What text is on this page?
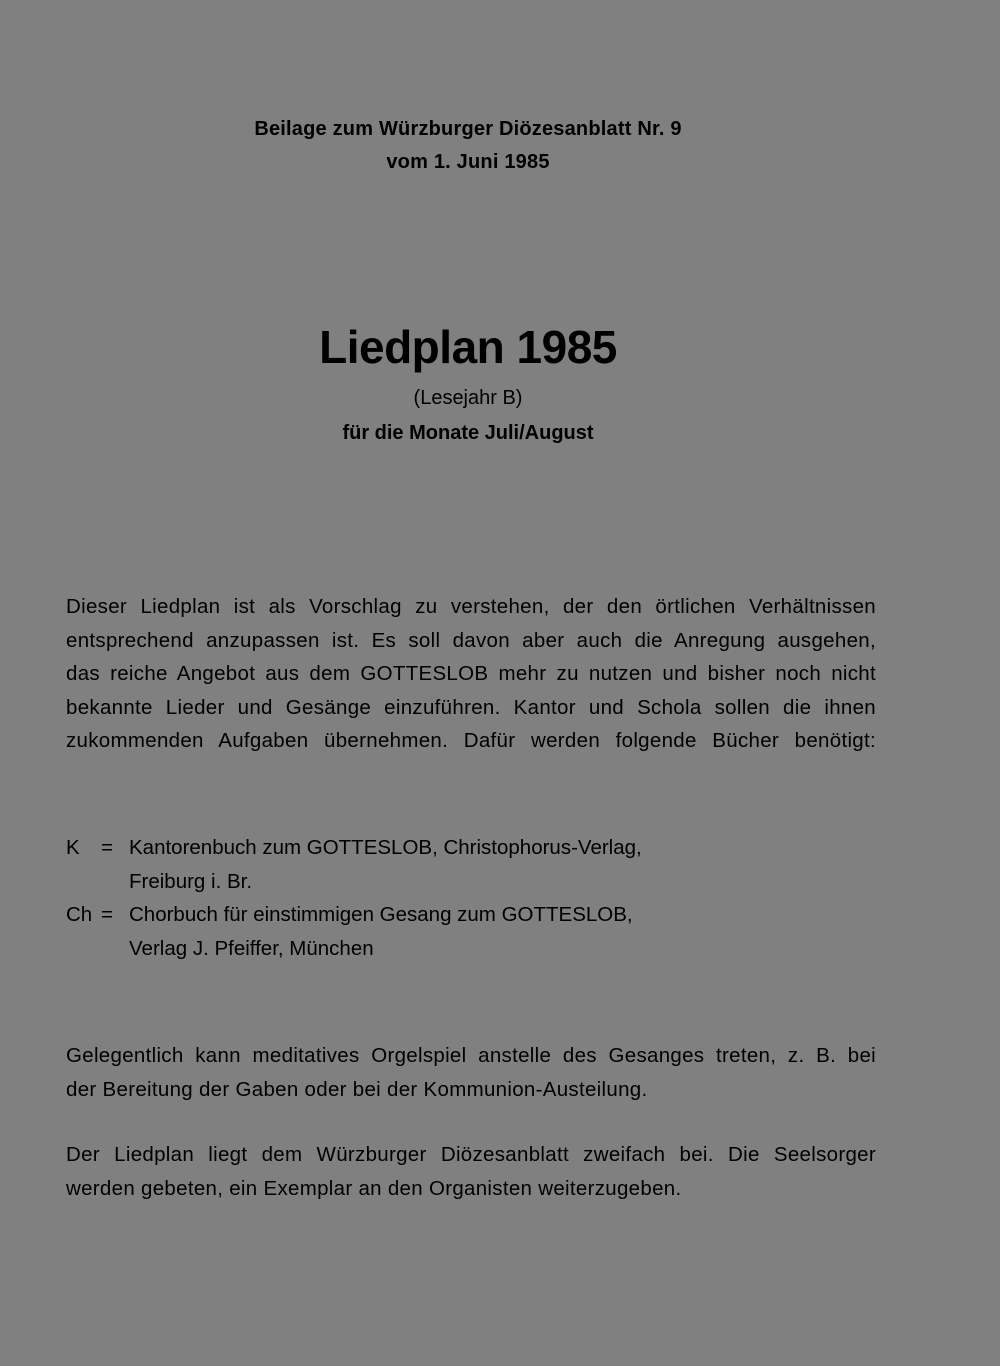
Beilage zum Würzburger Diözesanblatt Nr. 9
vom 1. Juni 1985
Liedplan 1985
(Lesejahr B)
für die Monate Juli/August
Dieser Liedplan ist als Vorschlag zu verstehen, der den örtlichen Verhältnissen
entsprechend anzupassen ist. Es soll davon aber auch die Anregung ausgehen,
das reiche Angebot aus dem GOTTESLOB mehr zu nutzen und bisher noch nicht
bekannte Lieder und Gesänge einzuführen. Kantor und Schola sollen die ihnen
zukommenden Aufgaben übernehmen. Dafür werden folgende Bücher benötigt:
K = Kantorenbuch zum GOTTESLOB, Christophorus-Verlag,
Freiburg i. Br.
Ch = Chorbuch für einstimmigen Gesang zum GOTTESLOB,
Verlag J. Pfeiffer, München
Gelegentlich kann meditatives Orgelspiel anstelle des Gesanges treten, z. B. bei
der Bereitung der Gaben oder bei der Kommunion-Austeilung.
Der Liedplan liegt dem Würzburger Diözesanblatt zweifach bei. Die Seelsorger
werden gebeten, ein Exemplar an den Organisten weiterzugeben.
